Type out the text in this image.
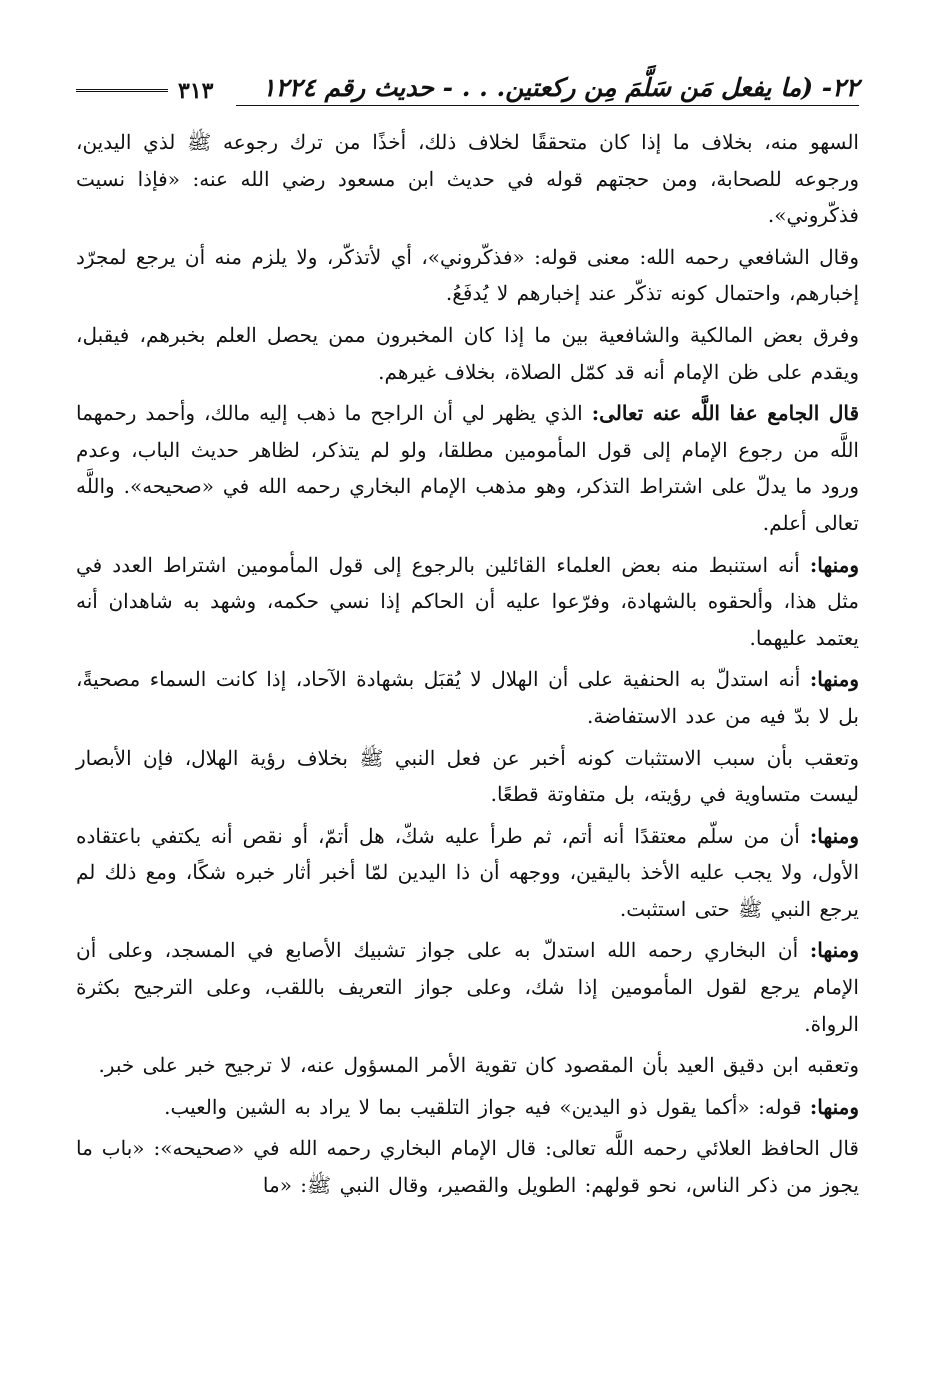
٢٢- (ما يفعل مَن سَلَّمَ مِن ركعتين. . . - حديث رقم ١٢٢٤
٣١٣

السهو منه، بخلاف ما إذا كان متحققًا لخلاف ذلك، أخذًا من ترك رجوعه ﷺ لذي اليدين، ورجوعه للصحابة، ومن حجتهم قوله في حديث ابن مسعود رضي الله عنه: «فإذا نسيت فذكّروني».

وقال الشافعي رحمه الله: معنى قوله: «فذكّروني»، أي لأتذكّر، ولا يلزم منه أن يرجع لمجرّد إخبارهم، واحتمال كونه تذكّر عند إخبارهم لا يُدفَعُ.

وفرق بعض المالكية والشافعية بين ما إذا كان المخبرون ممن يحصل العلم بخبرهم، فيقبل، ويقدم على ظن الإمام أنه قد كمّل الصلاة، بخلاف غيرهم.

قال الجامع عفا اللَّه عنه تعالى: الذي يظهر لي أن الراجح ما ذهب إليه مالك، وأحمد رحمهما اللَّه من رجوع الإمام إلى قول المأمومين مطلقا، ولو لم يتذكر، لظاهر حديث الباب، وعدم ورود ما يدلّ على اشتراط التذكر، وهو مذهب الإمام البخاري رحمه الله في «صحيحه». واللَّه تعالى أعلم.

ومنها: أنه استنبط منه بعض العلماء القائلين بالرجوع إلى قول المأمومين اشتراط العدد في مثل هذا، وألحقوه بالشهادة، وفرّعوا عليه أن الحاكم إذا نسي حكمه، وشهد به شاهدان أنه يعتمد عليهما.

ومنها: أنه استدلّ به الحنفية على أن الهلال لا يُقبَل بشهادة الآحاد، إذا كانت السماء مصحيةً، بل لا بدّ فيه من عدد الاستفاضة.

وتعقب بأن سبب الاستثبات كونه أخبر عن فعل النبي ﷺ بخلاف رؤية الهلال، فإن الأبصار ليست متساوية في رؤيته، بل متفاوتة قطعًا.

ومنها: أن من سلّم معتقدًا أنه أتم، ثم طرأ عليه شكّ، هل أتمّ، أو نقص أنه يكتفي باعتقاده الأول، ولا يجب عليه الأخذ باليقين، ووجهه أن ذا اليدين لمّا أخبر أثار خبره شكًا، ومع ذلك لم يرجع النبي ﷺ حتى استثبت.

ومنها: أن البخاري رحمه الله استدلّ به على جواز تشبيك الأصابع في المسجد، وعلى أن الإمام يرجع لقول المأمومين إذا شك، وعلى جواز التعريف باللقب، وعلى الترجيح بكثرة الرواة.

وتعقبه ابن دقيق العيد بأن المقصود كان تقوية الأمر المسؤول عنه، لا ترجيح خبر على خبر.

ومنها: قوله: «أكما يقول ذو اليدين» فيه جواز التلقيب بما لا يراد به الشين والعيب.

قال الحافظ العلائي رحمه اللَّه تعالى: قال الإمام البخاري رحمه الله في «صحيحه»: «باب ما يجوز من ذكر الناس، نحو قولهم: الطويل والقصير، وقال النبي ﷺ: «ما
